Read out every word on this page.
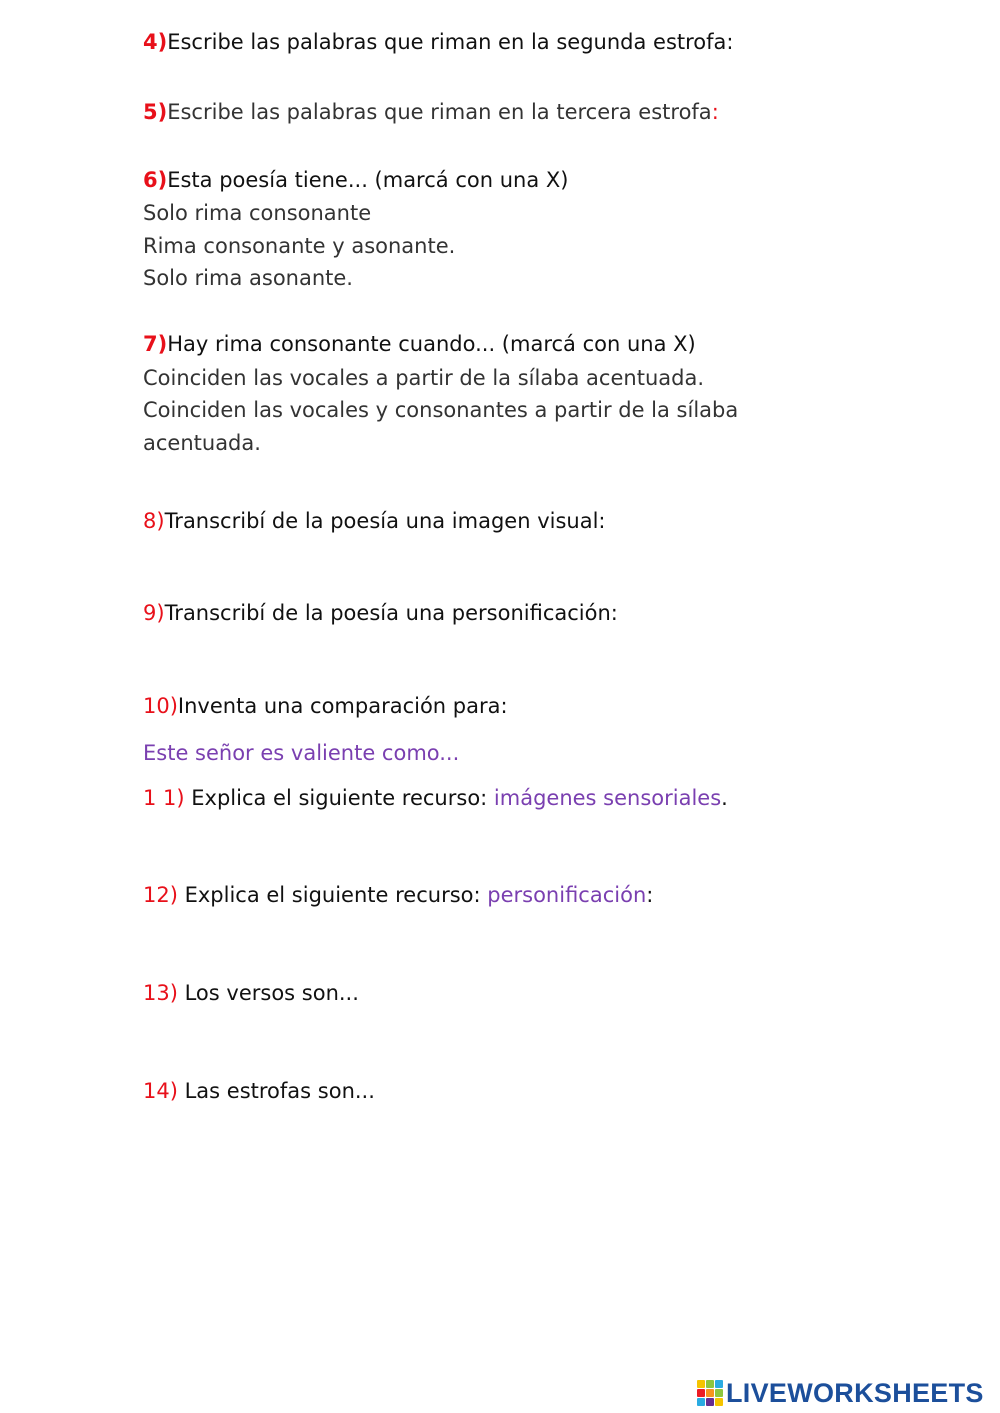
4)Escribe las palabras que riman en la segunda estrofa:
5)Escribe las palabras que riman en la tercera estrofa:
6)Esta poesía tiene... (marcá con una X)
Solo rima consonante
Rima consonante y asonante.
Solo rima asonante.
7)Hay rima consonante cuando... (marcá con una X)
Coinciden las vocales a partir de la sílaba acentuada.
Coinciden las vocales y consonantes a partir de la sílaba
acentuada.
8)Transcribí de la poesía una imagen visual:
9)Transcribí de la poesía una personificación:
10)Inventa una comparación para:
Este señor es valiente como...
1 1) Explica el siguiente recurso: imágenes sensoriales.
12) Explica el siguiente recurso: personificación:
13) Los versos son...
14) Las estrofas son...
LIVEWORKSHEETS
